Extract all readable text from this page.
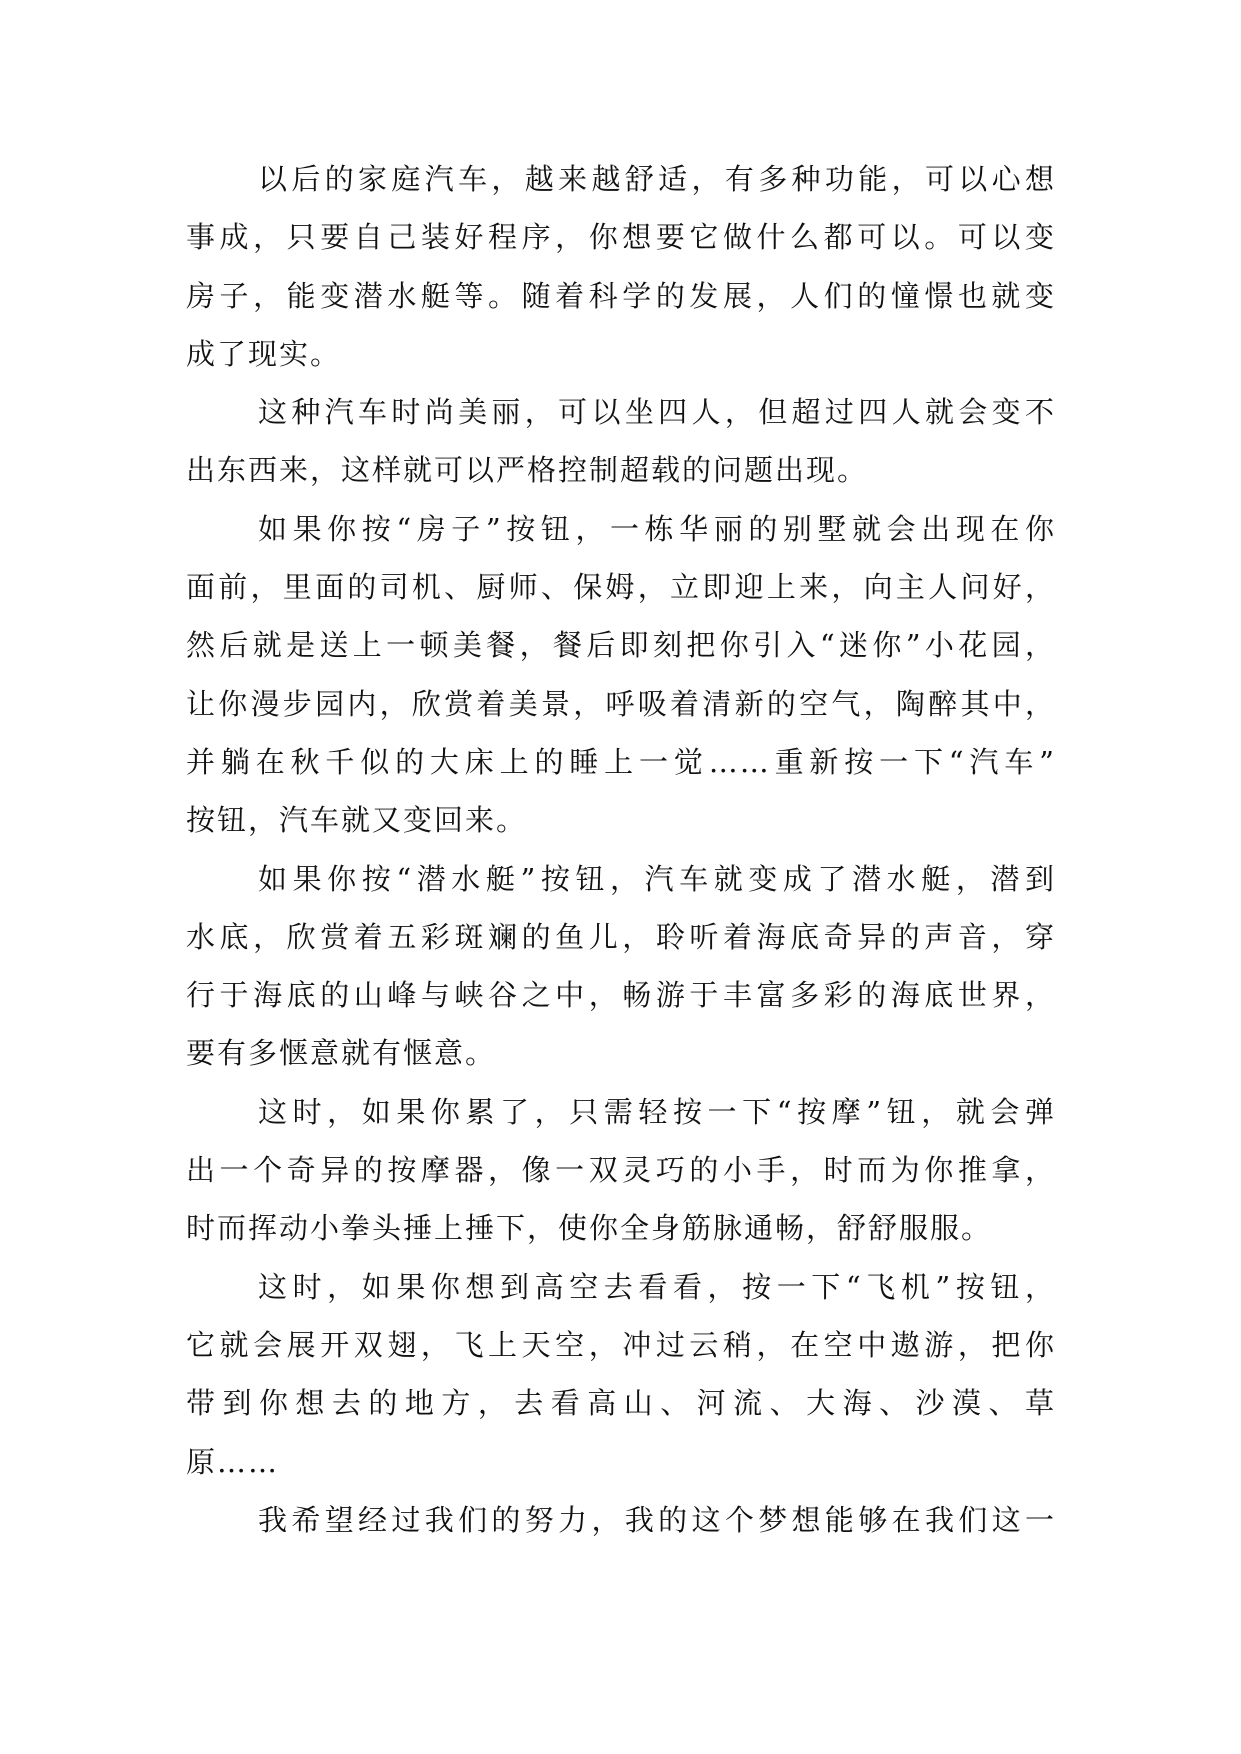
以后的家庭汽车，越来越舒适，有多种功能，可以心想
事成，只要自己装好程序，你想要它做什么都可以。可以变
房子，能变潜水艇等。随着科学的发展，人们的憧憬也就变
成了现实。
这种汽车时尚美丽，可以坐四人，但超过四人就会变不
出东西来，这样就可以严格控制超载的问题出现。
如果你按“房子”按钮，一栋华丽的别墅就会出现在你
面前，里面的司机、厨师、保姆，立即迎上来，向主人问好，
然后就是送上一顿美餐，餐后即刻把你引入“迷你”小花园，
让你漫步园内，欣赏着美景，呼吸着清新的空气，陶醉其中，
并躺在秋千似的大床上的睡上一觉……重新按一下“汽车”
按钮，汽车就又变回来。
如果你按“潜水艇”按钮，汽车就变成了潜水艇，潜到
水底，欣赏着五彩斑斓的鱼儿，聆听着海底奇异的声音，穿
行于海底的山峰与峡谷之中，畅游于丰富多彩的海底世界，
要有多惬意就有惬意。
这时，如果你累了，只需轻按一下“按摩”钮，就会弹
出一个奇异的按摩器，像一双灵巧的小手，时而为你推拿，
时而挥动小拳头捶上捶下，使你全身筋脉通畅，舒舒服服。
这时，如果你想到高空去看看，按一下“飞机”按钮，
它就会展开双翅，飞上天空，冲过云稍，在空中遨游，把你
带到你想去的地方，去看高山、河流、大海、沙漠、草
原……
我希望经过我们的努力，我的这个梦想能够在我们这一
